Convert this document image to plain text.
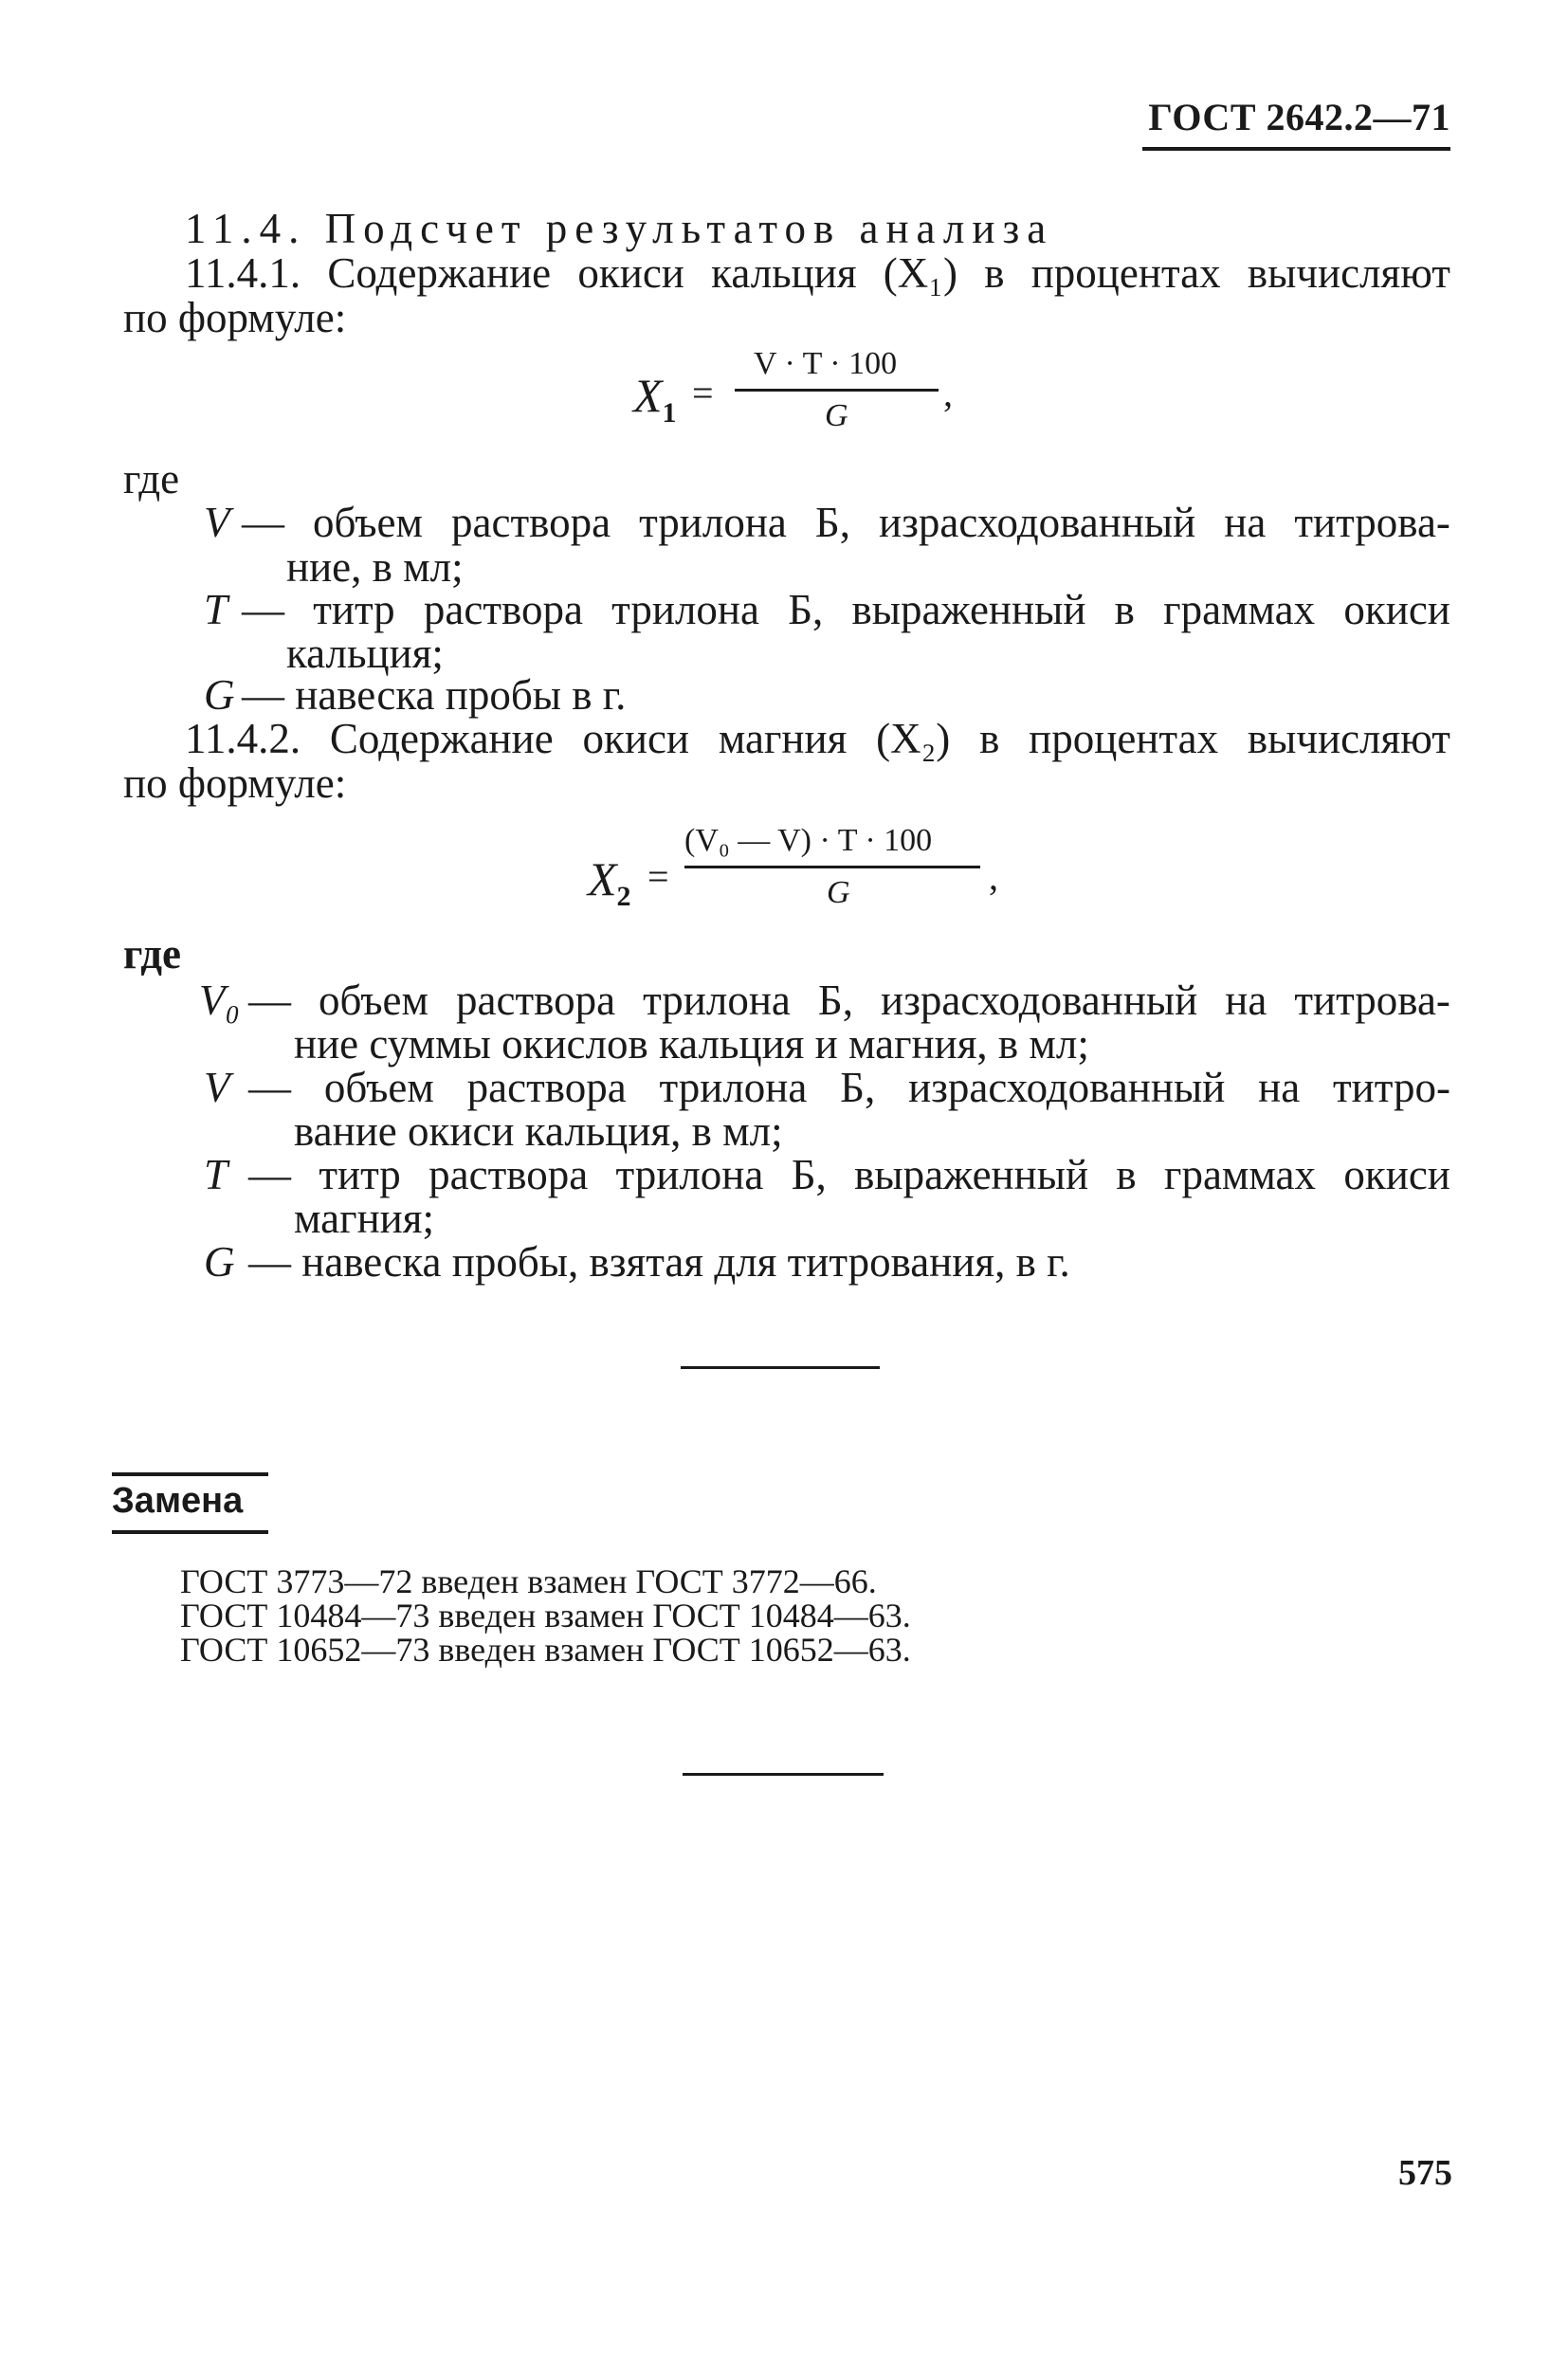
ГОСТ 2642.2—71
11.4. Подсчет результатов анализа
11.4.1. Содержание окиси кальция (X₁) в процентах вычисляют
по формуле:
$X_1$ =
V · T · 100
G
,
где
V — объем раствора трилона Б, израсходованный на титрова-
ние, в мл;
T — титр раствора трилона Б, выраженный в граммах окиси
кальция;
G — навеска пробы в г.
11.4.2. Содержание окиси магния (X₂) в процентах вычисляют
по формуле:
$X_2$ =
(V₀ — V) · T · 100
G	,
где
V₀ — объем раствора трилона Б, израсходованный на титрова-
ние суммы окислов кальция и магния, в мл;
V — объем раствора трилона Б, израсходованный на титро-
вание окиси кальция, в мл;
T — титр раствора трилона Б, выраженный в граммах окиси
магния;
G — навеска пробы, взятая для титрования, в г.
Замена
ГОСТ 3773—72 введен взамен ГОСТ 3772—66.
ГОСТ 10484—73 введен взамен ГОСТ 10484—63.
ГОСТ 10652—73 введен взамен ГОСТ 10652—63.
575
